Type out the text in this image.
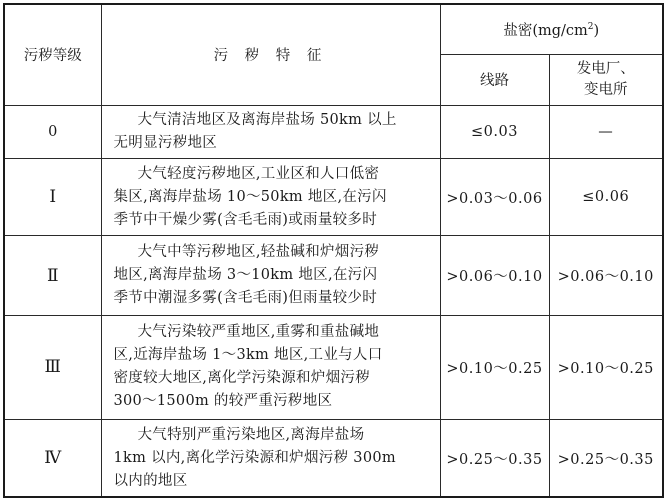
污秽等级	污 秽 特 征	盐密$(mg/cm^2)$	
		线路	发电厂、
变电所

0	大气清洁地区及离海岸盐场 50km 以上
无明显污秽地区	≤0.03	—
Ⅰ	大气轻度污秽地区,工业区和人口低密
集区,离海岸盐场 10～50km 地区,在污闪
季节中干燥少雾(含毛毛雨)或雨量较多时	>0.03～0.06	≤0.06
Ⅱ	大气中等污秽地区,轻盐碱和炉烟污秽
地区,离海岸盐场 3～10km 地区,在污闪
季节中潮湿多雾(含毛毛雨)但雨量较少时	>0.06～0.10	>0.06～0.10
Ⅲ	大气污染较严重地区,重雾和重盐碱地
区,近海岸盐场 1～3km 地区,工业与人口
密度较大地区,离化学污染源和炉烟污秽
300～1500m 的较严重污秽地区	>0.10～0.25	>0.10～0.25
Ⅳ	大气特别严重污染地区,离海岸盐场
1km 以内,离化学污染源和炉烟污秽 300m
以内的地区	>0.25～0.35	>0.25～0.35
